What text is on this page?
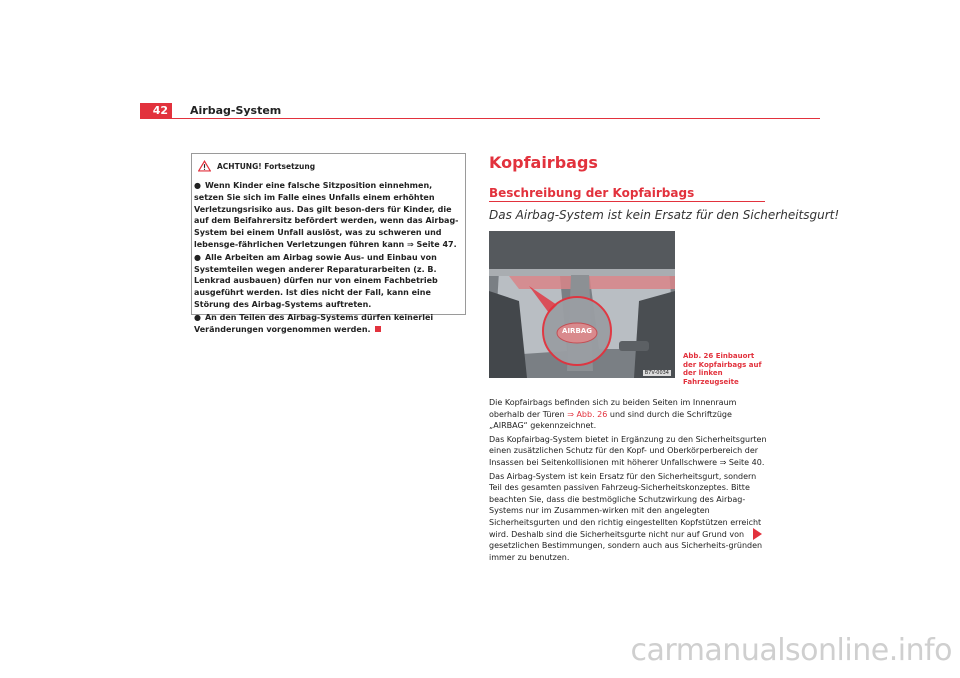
42	Airbag-System
ACHTUNG! Fortsetzung

● Wenn Kinder eine falsche Sitzposition einnehmen, setzen Sie sich im Falle eines Unfalls einem erhöhten Verletzungsrisiko aus. Das gilt beson-ders für Kinder, die auf dem Beifahrersitz befördert werden, wenn das Airbag-System bei einem Unfall auslöst, was zu schweren und lebensge-fährlichen Verletzungen führen kann ⇒ Seite 47.

● Alle Arbeiten am Airbag sowie Aus- und Einbau von Systemteilen wegen anderer Reparaturarbeiten (z. B. Lenkrad ausbauen) dürfen nur von einem Fachbetrieb ausgeführt werden. Ist dies nicht der Fall, kann eine Störung des Airbag-Systems auftreten.

● An den Teilen des Airbag-Systems dürfen keinerlei Veränderungen vorgenommen werden.

Kopfairbags
Beschreibung der Kopfairbags
Das Airbag-System ist kein Ersatz für den Sicherheitsgurt!
AIRBAG
B7V-0034
Abb. 26 Einbauort der Kopfairbags auf der linken Fahrzeugseite

Die Kopfairbags befinden sich zu beiden Seiten im Innenraum oberhalb der Türen ⇒ Abb. 26 und sind durch die Schriftzüge „AIRBAG“ gekennzeichnet.

Das Kopfairbag-System bietet in Ergänzung zu den Sicherheitsgurten einen zusätzlichen Schutz für den Kopf- und Oberkörperbereich der Insassen bei Seitenkollisionen mit höherer Unfallschwere ⇒ Seite 40.

Das Airbag-System ist kein Ersatz für den Sicherheitsgurt, sondern Teil des gesamten passiven Fahrzeug-Sicherheitskonzeptes. Bitte beachten Sie, dass die bestmögliche Schutzwirkung des Airbag-Systems nur im Zusammen-wirken mit den angelegten Sicherheitsgurten und den richtig eingestellten Kopfstützen erreicht wird. Deshalb sind die Sicherheitsgurte nicht nur auf Grund von gesetzlichen Bestimmungen, sondern auch aus Sicherheits-gründen immer zu benutzen.

carmanualsonline.info
